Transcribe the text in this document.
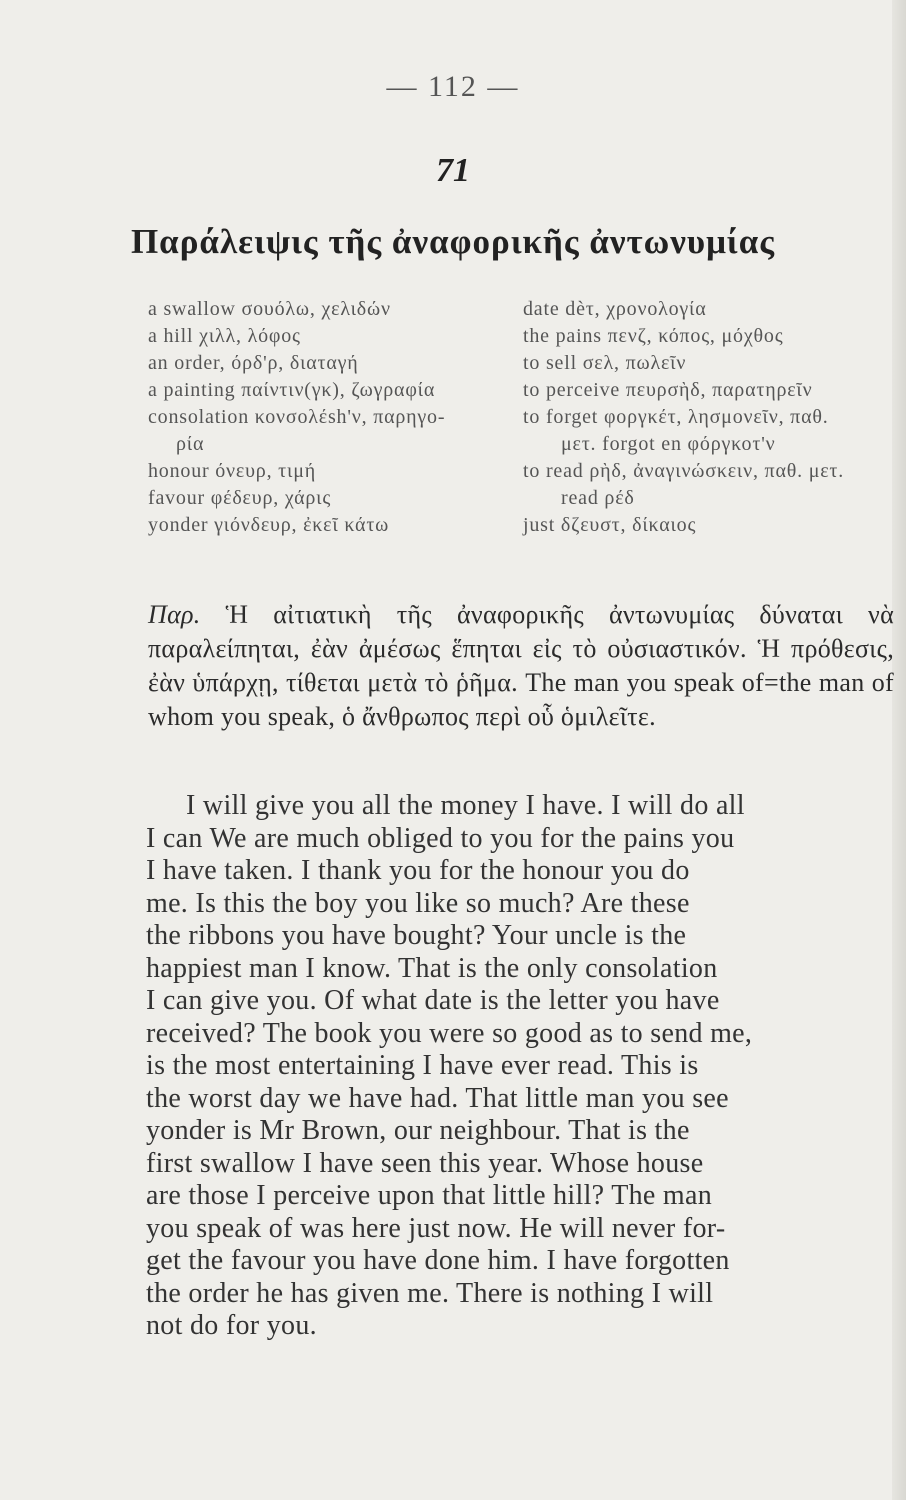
— 112 —
71
Παράλειψις τῆς ἀναφορικῆς ἀντωνυμίας
a swallow σουόλω, χελιδών
a hill χιλλ, λόφος
an order, όρδ'ρ, διαταγή
a painting παίντιν(γκ), ζωγραφία
consolation κονσολέsh'ν, παρηγο-
ρία
honour όνευρ, τιμή
favour φέδευρ, χάρις
yonder γιόνδευρ, ἐκεῖ κάτω
date dèτ, χρονολογία
the pains πενζ, κόπος, μόχθος
to sell σελ, πωλεῖν
to perceive πευρσὴδ, παρατηρεῖν
to forget φοργκέτ, λησμονεῖν, παθ.
μετ. forgot en φόργκοτ'ν
to read ρὴδ, ἀναγινώσκειν, παθ. μετ.
read ρέδ
just δζευστ, δίκαιος
Παρ. Ἡ αἰτιατικὴ τῆς ἀναφορικῆς ἀντωνυμίας δύναται νὰ παραλείπηται, ἐὰν ἀμέσως ἕπηται εἰς τὸ οὐσιαστικόν. Ἡ πρόθεσις, ἐὰν ὑπάρχῃ, τίθεται μετὰ τὸ ῥῆμα. The man you speak of=the man of whom you speak, ὁ ἄνθρωπος περὶ οὗ ὁμιλεῖτε.
I will give you all the money I have. I will do all
I can We are much obliged to you for the pains you
I have taken. I thank you for the honour you do
me. Is this the boy you like so much? Are these
the ribbons you have bought? Your uncle is the
happiest man I know. That is the only consolation
I can give you. Of what date is the letter you have
received? The book you were so good as to send me,
is the most entertaining I have ever read. This is
the worst day we have had. That little man you see
yonder is Mr Brown, our neighbour. That is the
first swallow I have seen this year. Whose house
are those I perceive upon that little hill? The man
you speak of was here just now. He will never for-
get the favour you have done him. I have forgotten
the order he has given me. There is nothing I will
not do for you.
